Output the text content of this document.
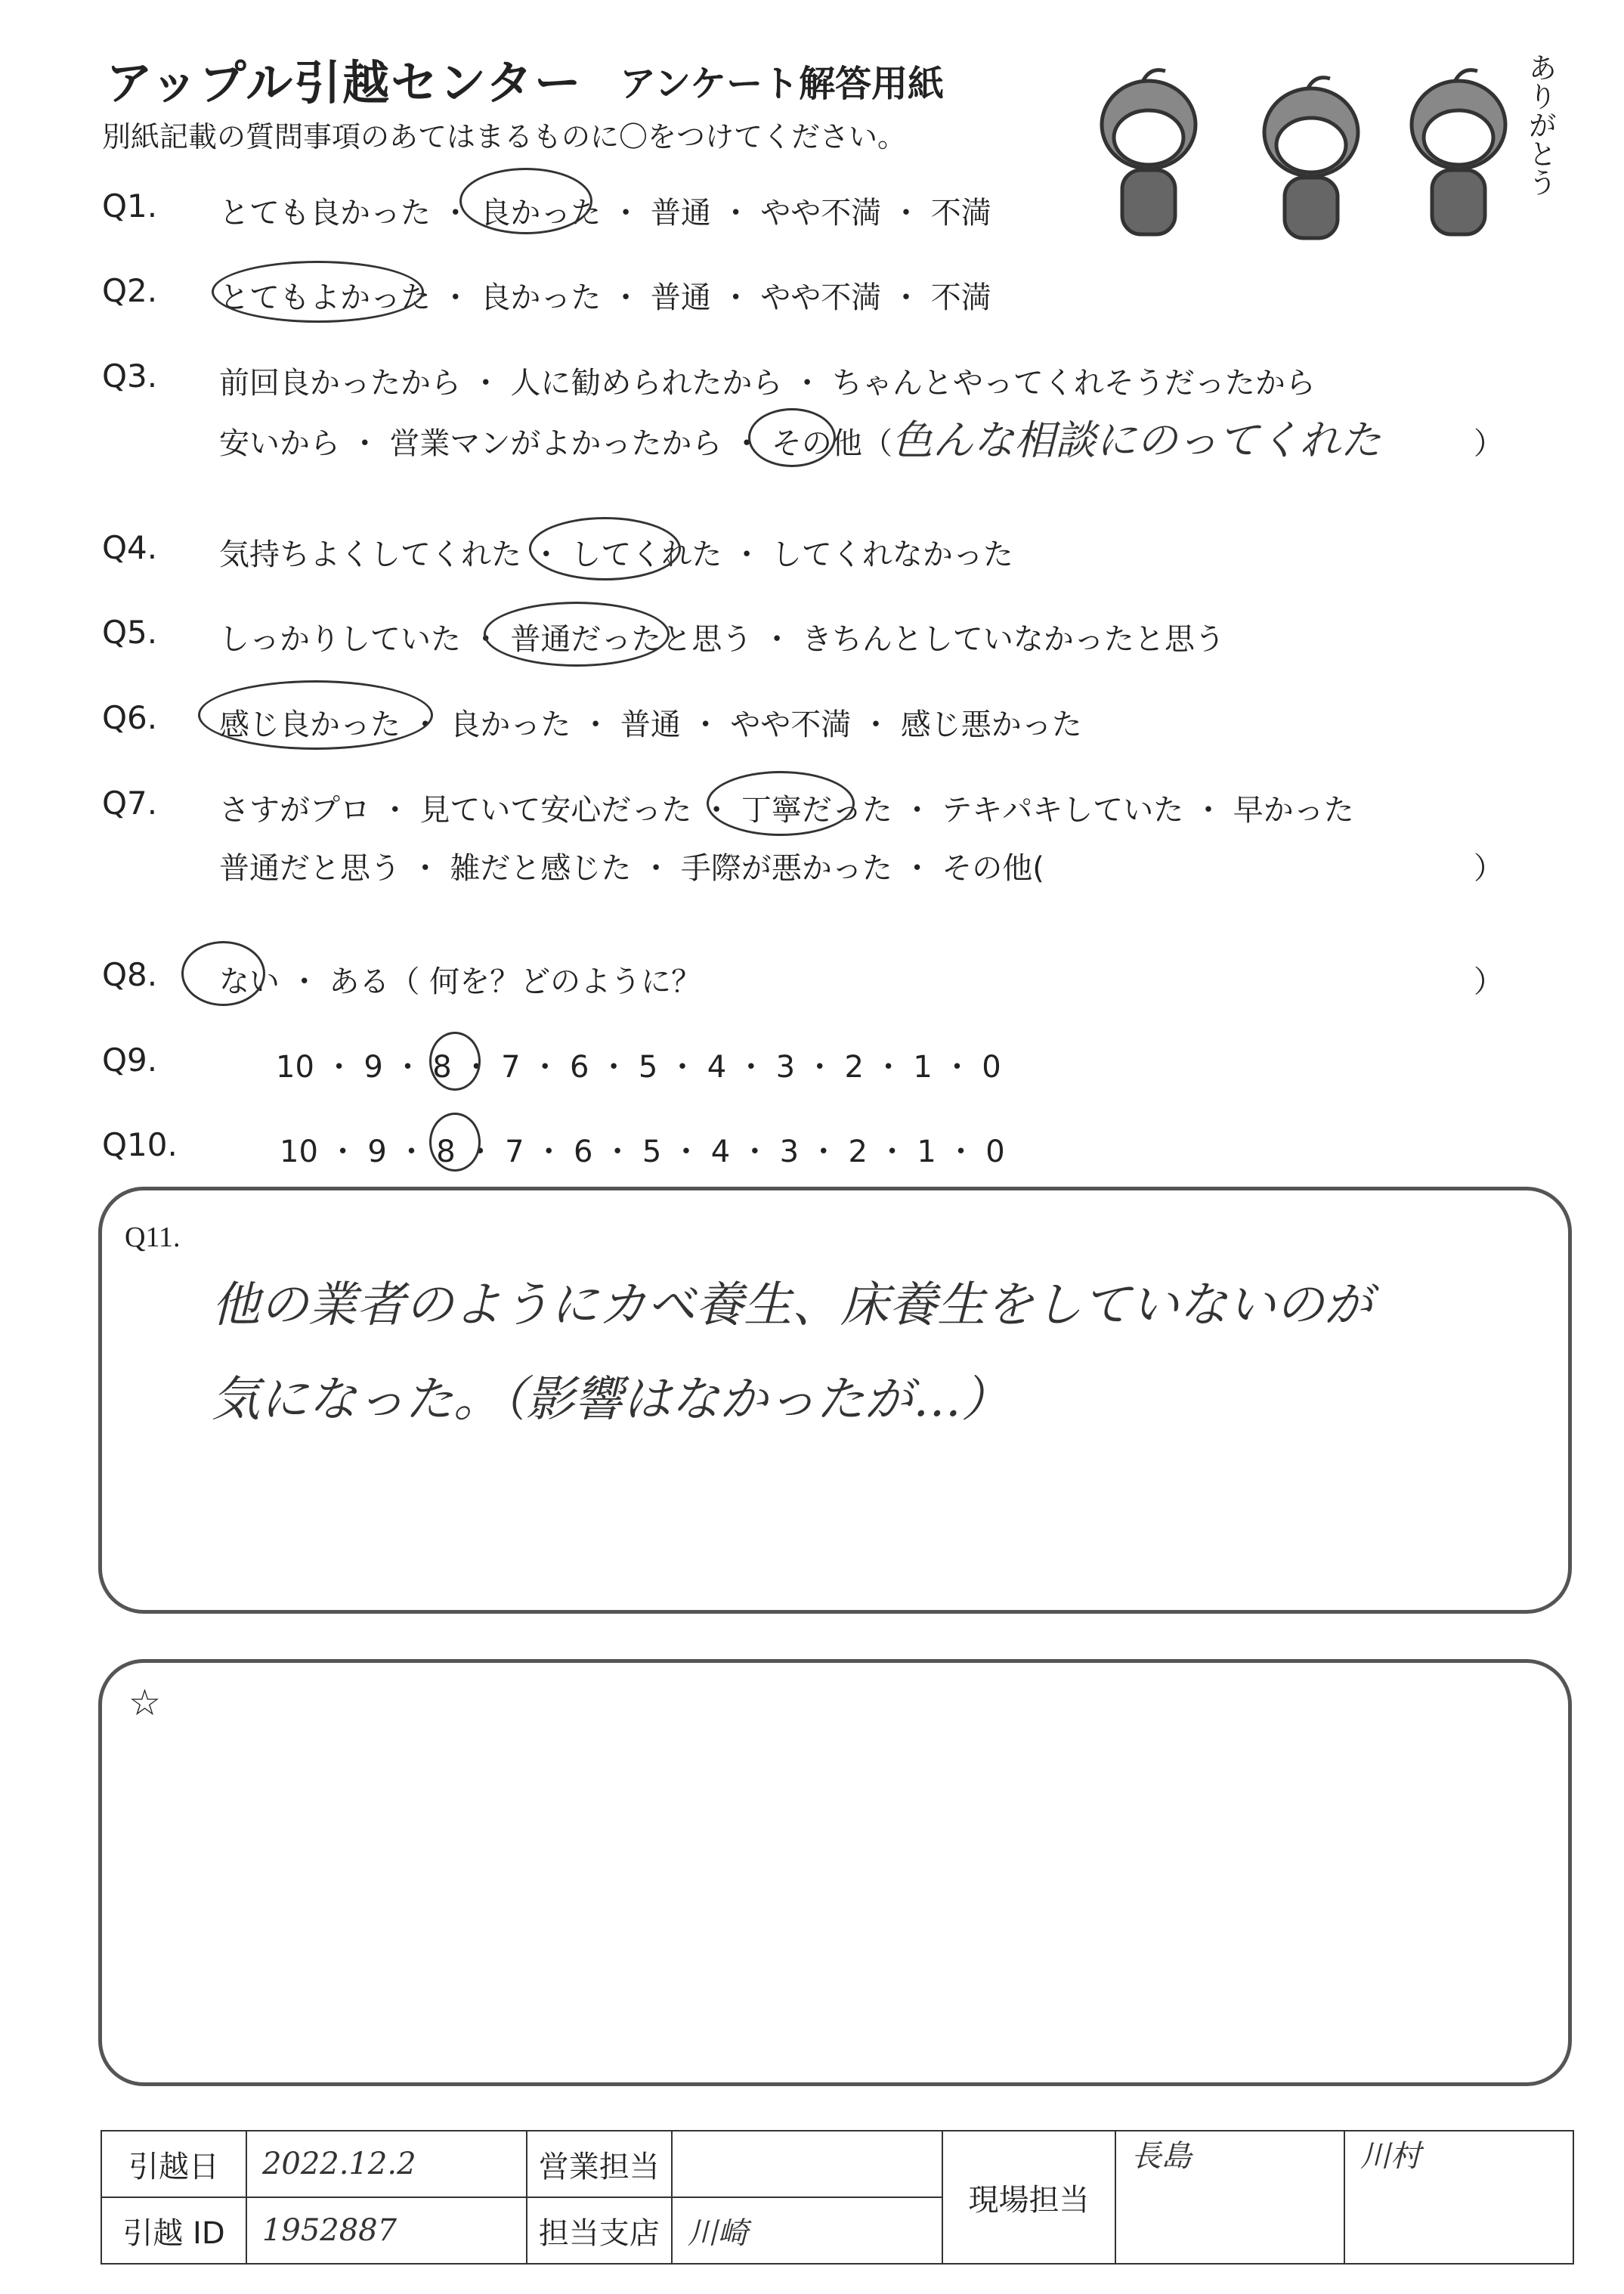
アップル引越センター アンケート解答用紙
別紙記載の質問事項のあてはまるものに〇をつけてください。	ありがとう
Q1. とても良かった ・ 良かった ・ 普通 ・ やや不満 ・ 不満
Q2. とてもよかった ・ 良かった ・ 普通 ・ やや不満 ・ 不満
Q3. 前回良かったから ・ 人に勧められたから ・ ちゃんとやってくれそうだったから
安いから ・ 営業マンがよかったから ・ その他（ 色んな相談にのってくれた	）
Q4. 気持ちよくしてくれた ・ してくれた ・ してくれなかった
Q5. しっかりしていた ・ 普通だったと思う ・ きちんとしていなかったと思う
Q6. 感じ良かった ・ 良かった ・ 普通 ・ やや不満 ・ 感じ悪かった
Q7. さすがプロ ・ 見ていて安心だった ・ 丁寧だった ・ テキパキしていた ・ 早かった
普通だと思う ・ 雑だと感じた ・ 手際が悪かった ・ その他(	）
Q8. ない ・ ある（ 何を？どのように？	）
Q9.	10 ・ 9 ・ 8 ・ 7 ・ 6 ・ 5 ・ 4 ・ 3 ・ 2 ・ 1 ・ 0
Q10.	10 ・ 9 ・ 8 ・ 7 ・ 6 ・ 5 ・ 4 ・ 3 ・ 2 ・ 1 ・ 0
Q11.
他の業者のようにカベ養生、床養生をしていないのが
気になった。（影響はなかったが…）
☆
引越日	2022.12.2	営業担当		現場担当	長島	川村
引越 ID	1952887	担当支店	川崎			
